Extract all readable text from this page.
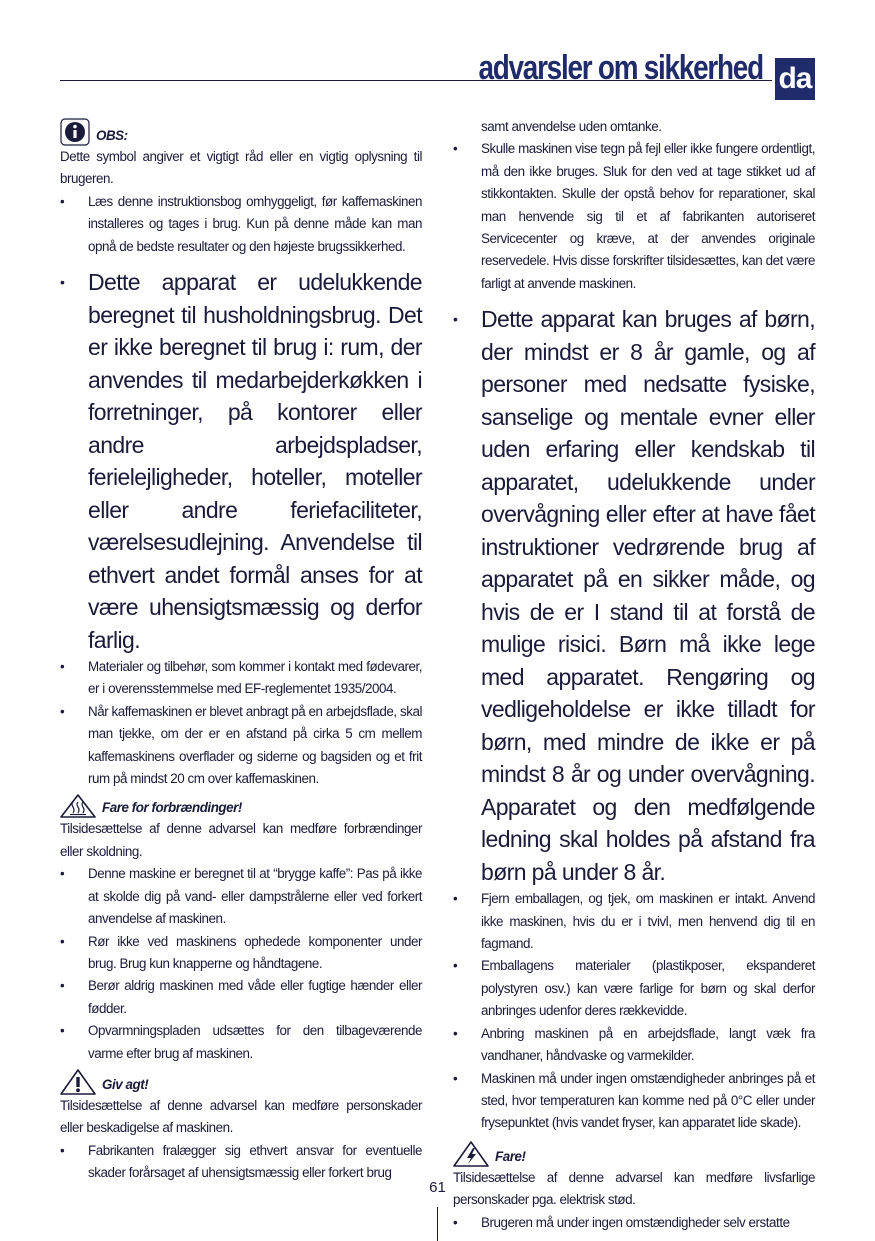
advarsler om sikkerhed da
OBS:

Dette symbol angiver et vigtigt råd eller en vigtig oplysning til brugeren.

• Læs denne instruktionsbog omhyggeligt, før kaffemaskinen installeres og tages i brug. Kun på denne måde kan man opnå de bedste resultater og den højeste brugssikkerhed.
• Dette apparat er udelukkende beregnet til husholdningsbrug. Det er ikke beregnet til brug i: rum, der anvendes til medarbejderkøkken i forretninger, på kontorer eller andre arbejdspladser, ferielejligheder, hoteller, moteller eller andre feriefaciliteter, værelsesudlejning. Anvendelse til ethvert andet formål anses for at være uhensigtsmæssig og derfor farlig.
• Materialer og tilbehør, som kommer i kontakt med fødevarer, er i overensstemmelse med EF-reglementet 1935/2004.
• Når kaffemaskinen er blevet anbragt på en arbejdsflade, skal man tjekke, om der er en afstand på cirka 5 cm mellem kaffemaskinens overflader og siderne og bagsiden og et frit rum på mindst 20 cm over kaffemaskinen.
Fare for forbrændinger!

Tilsidesættelse af denne advarsel kan medføre forbrændinger eller skoldning.

• Denne maskine er beregnet til at “brygge kaffe”: Pas på ikke at skolde dig på vand- eller dampstrålerne eller ved forkert anvendelse af maskinen.
• Rør ikke ved maskinens ophedede komponenter under brug. Brug kun knapperne og håndtagene.
• Berør aldrig maskinen med våde eller fugtige hænder eller fødder.
• Opvarmningspladen udsættes for den tilbageværende varme efter brug af maskinen.
Giv agt!

Tilsidesættelse af denne advarsel kan medføre personskader eller beskadigelse af maskinen.

• Fabrikanten fralægger sig ethvert ansvar for eventuelle skader forårsaget af uhensigtsmæssig eller forkert brug
samt anvendelse uden omtanke.
• Skulle maskinen vise tegn på fejl eller ikke fungere ordentligt, må den ikke bruges. Sluk for den ved at tage stikket ud af stikkontakten. Skulle der opstå behov for reparationer, skal man henvende sig til et af fabrikanten autoriseret Servicecenter og kræve, at der anvendes originale reservedele. Hvis disse forskrifter tilsidesættes, kan det være farligt at anvende maskinen.
• Dette apparat kan bruges af børn, der mindst er 8 år gamle, og af personer med nedsatte fysiske, sanselige og mentale evner eller uden erfaring eller kendskab til apparatet, udelukkende under overvågning eller efter at have fået instruktioner vedrørende brug af apparatet på en sikker måde, og hvis de er I stand til at forstå de mulige risici. Børn må ikke lege med apparatet. Rengøring og vedligeholdelse er ikke tilladt for børn, med mindre de ikke er på mindst 8 år og under overvågning. Apparatet og den medfølgende ledning skal holdes på afstand fra børn på under 8 år.
• Fjern emballagen, og tjek, om maskinen er intakt. Anvend ikke maskinen, hvis du er i tvivl, men henvend dig til en fagmand.
• Emballagens materialer (plastikposer, ekspanderet polystyren osv.) kan være farlige for børn og skal derfor anbringes udenfor deres rækkevidde.
• Anbring maskinen på en arbejdsflade, langt væk fra vandhaner, håndvaske og varmekilder.
• Maskinen må under ingen omstændigheder anbringes på et sted, hvor temperaturen kan komme ned på 0°C eller under frysepunktet (hvis vandet fryser, kan apparatet lide skade).
Fare!

Tilsidesættelse af denne advarsel kan medføre livsfarlige personskader pga. elektrisk stød.

• Brugeren må under ingen omstændigheder selv erstatte
61
